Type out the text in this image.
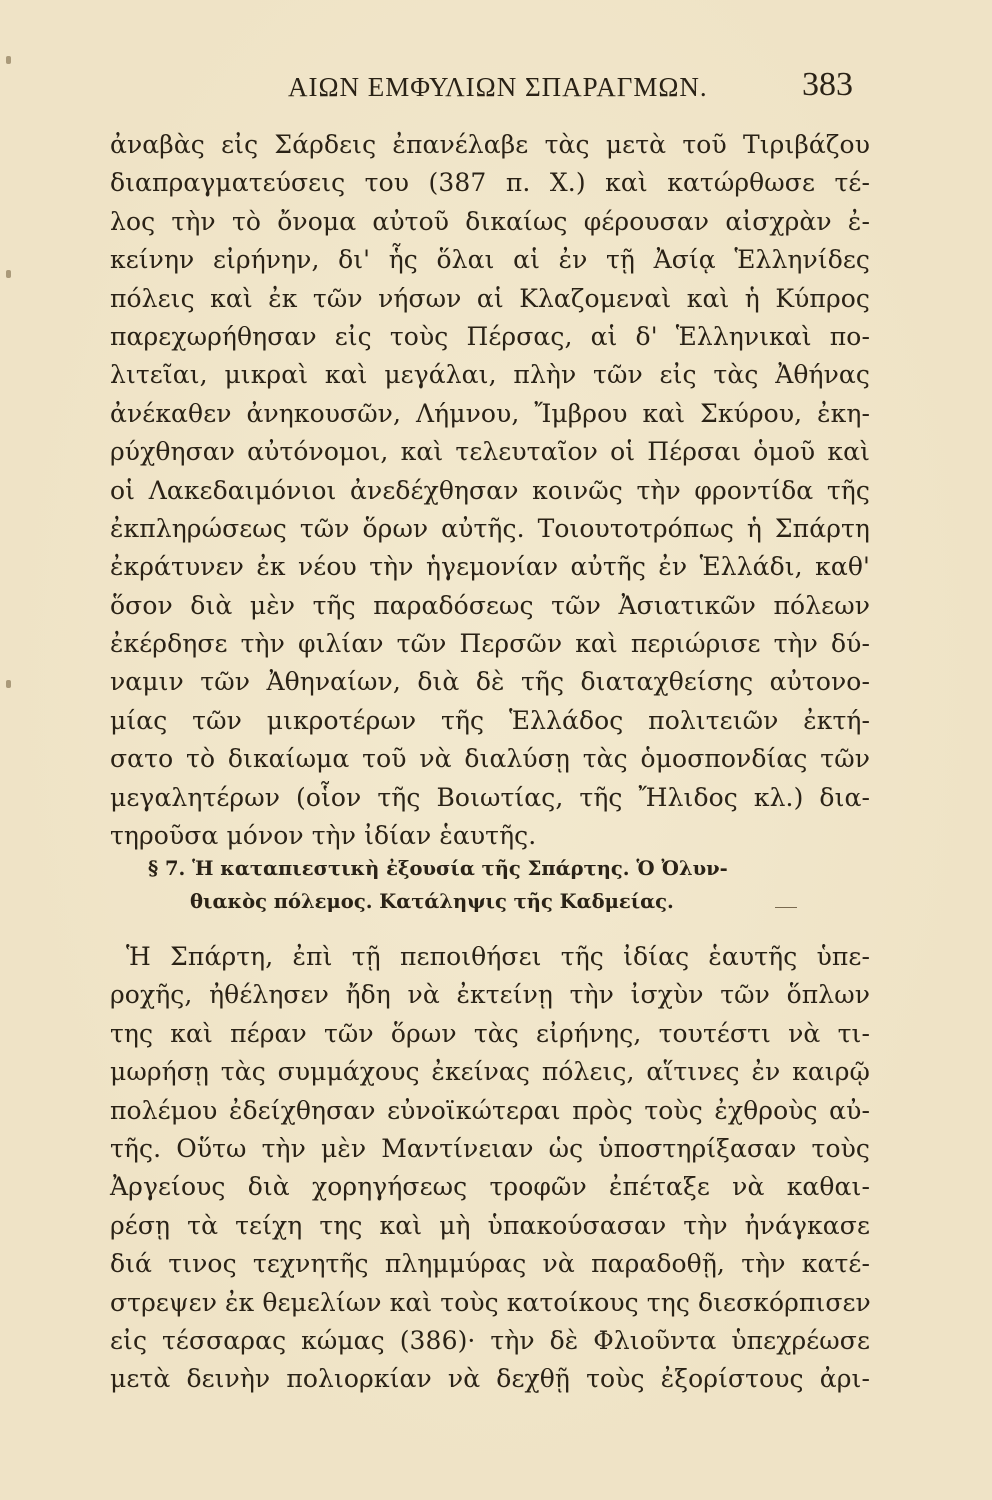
ΑΙΩΝ ΕΜΦΥΛΙΩΝ ΣΠΑΡΑΓΜΩΝ.	383
ἀναβὰς εἰς Σάρδεις ἐπανέλαβε τὰς μετὰ τοῦ Τιριβάζου
διαπραγματεύσεις του (387 π. Χ.) καὶ κατώρθωσε τέ-
λος τὴν τὸ ὄνομα αὐτοῦ δικαίως φέρουσαν αἰσχρὰν ἐ-
κείνην εἰρήνην, δι' ἧς ὅλαι αἱ ἐν τῇ Ἀσίᾳ Ἑλληνίδες
πόλεις καὶ ἐκ τῶν νήσων αἱ Κλαζομεναὶ καὶ ἡ Κύπρος
παρεχωρήθησαν εἰς τοὺς Πέρσας, αἱ δ' Ἑλληνικαὶ πο-
λιτεῖαι, μικραὶ καὶ μεγάλαι, πλὴν τῶν εἰς τὰς Ἀθήνας
ἀνέκαθεν ἀνηκουσῶν, Λήμνου, Ἴμβρου καὶ Σκύρου, ἐκη-
ρύχθησαν αὐτόνομοι, καὶ τελευταῖον οἱ Πέρσαι ὁμοῦ καὶ
οἱ Λακεδαιμόνιοι ἀνεδέχθησαν κοινῶς τὴν φροντίδα τῆς
ἐκπληρώσεως τῶν ὅρων αὐτῆς. Τοιουτοτρόπως ἡ Σπάρτη
ἐκράτυνεν ἐκ νέου τὴν ἡγεμονίαν αὐτῆς ἐν Ἑλλάδι, καθ'
ὅσον διὰ μὲν τῆς παραδόσεως τῶν Ἀσιατικῶν πόλεων
ἐκέρδησε τὴν φιλίαν τῶν Περσῶν καὶ περιώρισε τὴν δύ-
ναμιν τῶν Ἀθηναίων, διὰ δὲ τῆς διαταχθείσης αὐτονο-
μίας τῶν μικροτέρων τῆς Ἑλλάδος πολιτειῶν ἐκτή-
σατο τὸ δικαίωμα τοῦ νὰ διαλύσῃ τὰς ὁμοσπονδίας τῶν
μεγαλητέρων (οἷον τῆς Βοιωτίας, τῆς Ἤλιδος κλ.) δια-
τηροῦσα μόνον τὴν ἰδίαν ἑαυτῆς.
§ 7. Ἡ καταπιεστικὴ ἐξουσία τῆς Σπάρτης. Ὁ Ὀλυν-
θιακὸς πόλεμος. Κατάληψις τῆς Καδμείας.
Ἡ Σπάρτη, ἐπὶ τῇ πεποιθήσει τῆς ἰδίας ἑαυτῆς ὑπε-
ροχῆς, ἠθέλησεν ἤδη νὰ ἐκτείνῃ τὴν ἰσχὺν τῶν ὅπλων
της καὶ πέραν τῶν ὅρων τὰς εἰρήνης, τουτέστι νὰ τι-
μωρήσῃ τὰς συμμάχους ἐκείνας πόλεις, αἵτινες ἐν καιρῷ
πολέμου ἐδείχθησαν εὐνοϊκώτεραι πρὸς τοὺς ἐχθροὺς αὐ-
τῆς. Οὕτω τὴν μὲν Μαντίνειαν ὡς ὑποστηρίξασαν τοὺς
Ἀργείους διὰ χορηγήσεως τροφῶν ἐπέταξε νὰ καθαι-
ρέσῃ τὰ τείχη της καὶ μὴ ὑπακούσασαν τὴν ἠνάγκασε
διά τινος τεχνητῆς πλημμύρας νὰ παραδοθῇ, τὴν κατέ-
στρεψεν ἐκ θεμελίων καὶ τοὺς κατοίκους της διεσκόρπισεν
εἰς τέσσαρας κώμας (386)· τὴν δὲ Φλιοῦντα ὑπεχρέωσε
μετὰ δεινὴν πολιορκίαν νὰ δεχθῇ τοὺς ἐξορίστους ἀρι-
